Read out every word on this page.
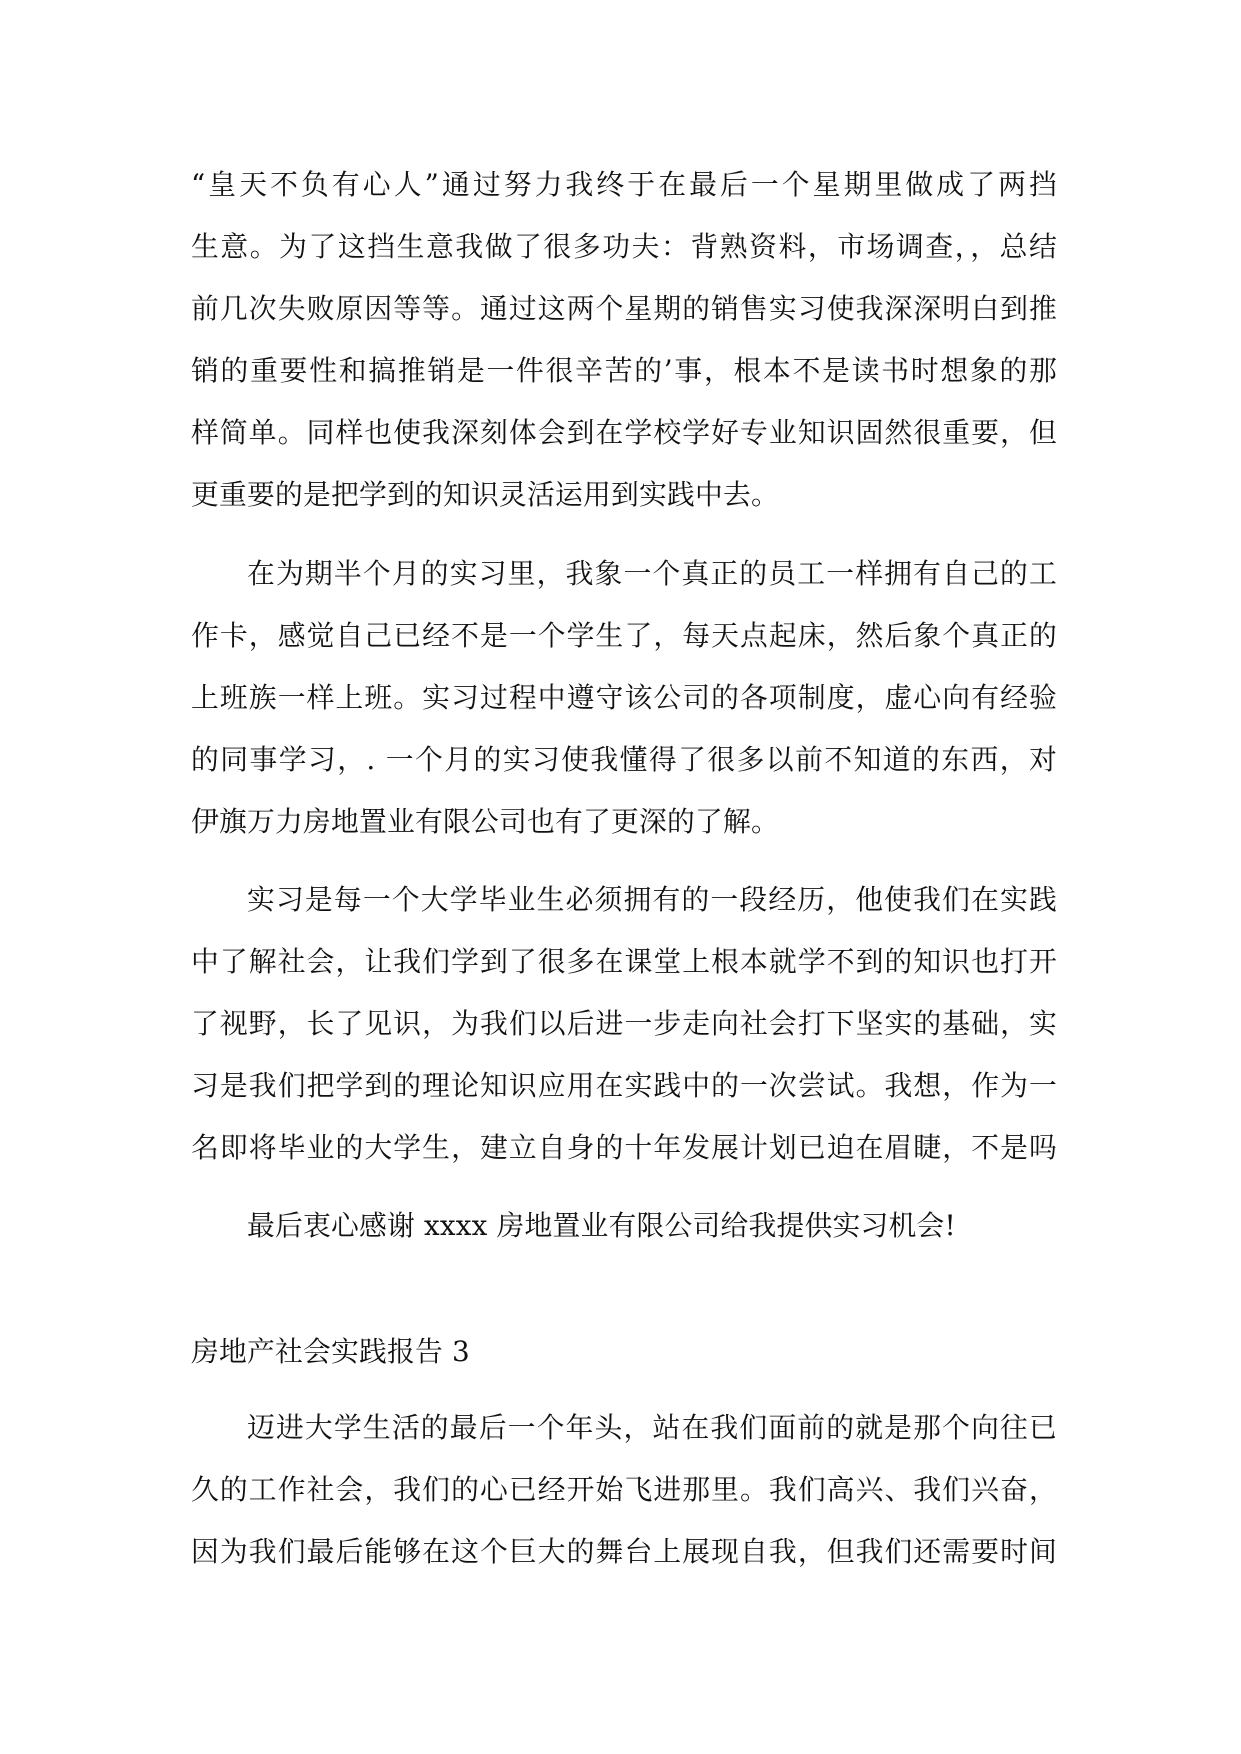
“皇天不负有心人”通过努力我终于在最后一个星期里做成了两挡
生意。为了这挡生意我做了很多功夫：背熟资料，市场调查，，总结
前几次失败原因等等。通过这两个星期的销售实习使我深深明白到推
销的重要性和搞推销是一件很辛苦的’事，根本不是读书时想象的那
样简单。同样也使我深刻体会到在学校学好专业知识固然很重要，但
更重要的是把学到的知识灵活运用到实践中去。
在为期半个月的实习里，我象一个真正的员工一样拥有自己的工
作卡，感觉自己已经不是一个学生了，每天点起床，然后象个真正的
上班族一样上班。实习过程中遵守该公司的各项制度，虚心向有经验
的同事学习，. 一个月的实习使我懂得了很多以前不知道的东西，对
伊旗万力房地置业有限公司也有了更深的了解。
实习是每一个大学毕业生必须拥有的一段经历，他使我们在实践
中了解社会，让我们学到了很多在课堂上根本就学不到的知识也打开
了视野，长了见识，为我们以后进一步走向社会打下坚实的基础，实
习是我们把学到的理论知识应用在实践中的一次尝试。我想，作为一
名即将毕业的大学生，建立自身的十年发展计划已迫在眉睫，不是吗
最后衷心感谢 xxxx 房地置业有限公司给我提供实习机会!
房地产社会实践报告 3
迈进大学生活的最后一个年头，站在我们面前的就是那个向往已
久的工作社会，我们的心已经开始飞进那里。我们高兴、我们兴奋，
因为我们最后能够在这个巨大的舞台上展现自我，但我们还需要时间
